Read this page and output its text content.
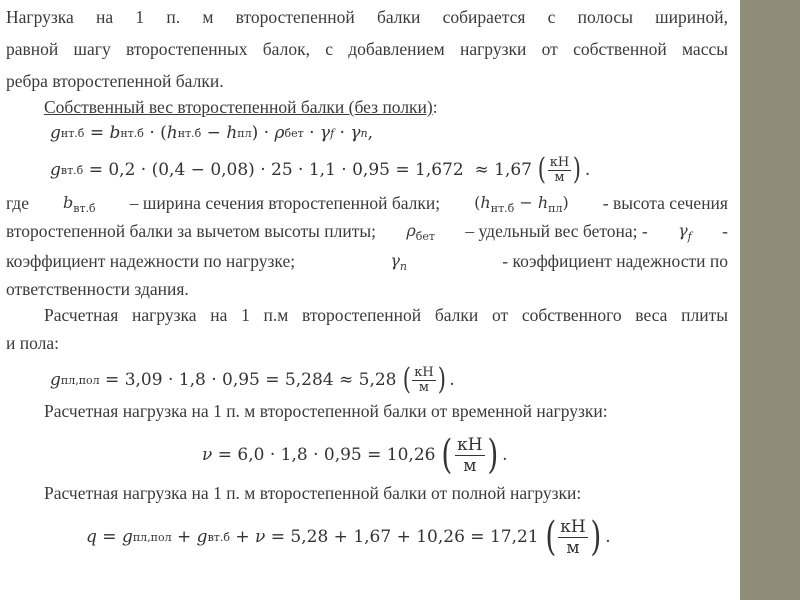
Нагрузка на 1 п. м второстепенной балки собирается с полосы шириной,
равной шагу второстепенных балок, с добавлением нагрузки от собственной массы
ребра второстепенной балки.
Собственный вес второстепенной балки (без полки):
g нт.б = b нт.б · ( h нт.б − h пл ) · ρ бет · γ f · γ n ,
g вт.б = 0,2 · (0,4 − 0,08) · 25 · 1,1 · 0,95 = 1,672  ≈ 1,67 ( $\frac{кН}{м}$ ) .
где $b_{вт.б}$ – ширина сечения второстепенной балки; $(h_{нт.б} - h_{пл})$ - высота сечения
второстепенной балки за вычетом высоты плиты; $\rho_{бет}$ – удельный вес бетона; - $\gamma_f$ -
коэффициент надежности по нагрузке;	$\gamma_n$	- коэффициент надежности по
ответственности здания.
Расчетная нагрузка на 1 п.м второстепенной балки от собственного веса плиты
и пола:
g пл,пол = 3,09 · 1,8 · 0,95 = 5,284 ≈ 5,28 ( $\frac{кН}{м}$ ) .
Расчетная нагрузка на 1 п. м второстепенной балки от временной нагрузки:
ν = 6,0 · 1,8 · 0,95 = 10,26 ( $\frac{кН}{м}$ ) .
Расчетная нагрузка на 1 п. м второстепенной балки от полной нагрузки:
q = g пл,пол + g вт.б + ν = 5,28 + 1,67 + 10,26 = 17,21 ( $\frac{кН}{м}$ ) .
